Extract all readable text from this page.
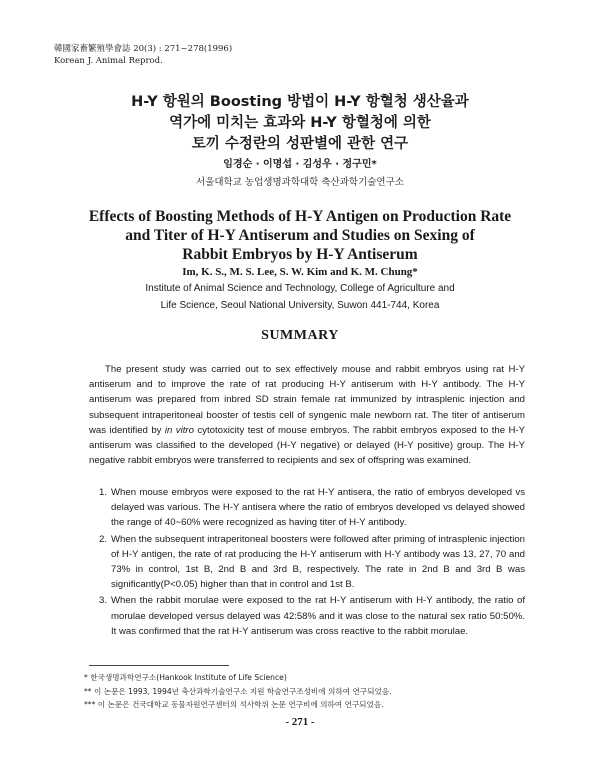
韓國家畜繁殖學會誌 20(3) : 271~278(1996)
Korean J. Animal Reprod.
H-Y 항원의 Boosting 방법이 H-Y 항혈청 생산율과
역가에 미치는 효과와 H-Y 항혈청에 의한
토끼 수정란의 성판별에 관한 연구
임경순 · 이명섭 · 김성우 · 정구민*
서울대학교 농업생명과학대학 축산과학기술연구소
Effects of Boosting Methods of H-Y Antigen on Production Rate
and Titer of H-Y Antiserum and Studies on Sexing of
Rabbit Embryos by H-Y Antiserum
Im, K. S., M. S. Lee, S. W. Kim and K. M. Chung*
Institute of Animal Science and Technology, College of Agriculture and
Life Science, Seoul National University, Suwon 441-744, Korea
SUMMARY

The present study was carried out to sex effectively mouse and rabbit embryos using rat H-Y antiserum and to improve the rate of rat producing H-Y antiserum with H-Y antibody. The H-Y antiserum was prepared from inbred SD strain female rat immunized by intrasplenic injection and subsequent intraperitoneal booster of testis cell of syngenic male newborn rat. The titer of antiserum was identified by in vitro cytotoxicity test of mouse embryos. The rabbit embryos exposed to the H-Y antiserum was classified to the developed (H-Y negative) or delayed (H-Y positive) group. The H-Y negative rabbit embryos were transferred to recipients and sex of offspring was examined.

1. When mouse embryos were exposed to the rat H-Y antisera, the ratio of embryos developed vs delayed was various. The H-Y antisera where the ratio of embryos developed vs delayed showed the range of 40~60% were recognized as having titer of H-Y antibody.
2. When the subsequent intraperitoneal boosters were followed after priming of intrasplenic injection of H-Y antigen, the rate of rat producing the H-Y antiserum with H-Y antibody was 13, 27, 70 and 73% in control, 1st B, 2nd B and 3rd B, respectively. The rate in 2nd B and 3rd B was significantly(P<0.05) higher than that in control and 1st B.
3. When the rabbit morulae were exposed to the rat H-Y antiserum with H-Y antibody, the ratio of morulae developed versus delayed was 42:58% and it was close to the natural sex ratio 50:50%. It was confirmed that the rat H-Y antiserum was cross reactive to the rabbit morulae.
* 한국생명과학연구소(Hankook Institute of Life Science)
** 이 논문은 1993, 1994년 축산과학기술연구소 지원 학술연구조성비에 의하여 연구되었음.
*** 이 논문은 건국대학교 동물자원연구센터의 석사학위 논문 연구비에 의하여 연구되었음.
- 271 -
